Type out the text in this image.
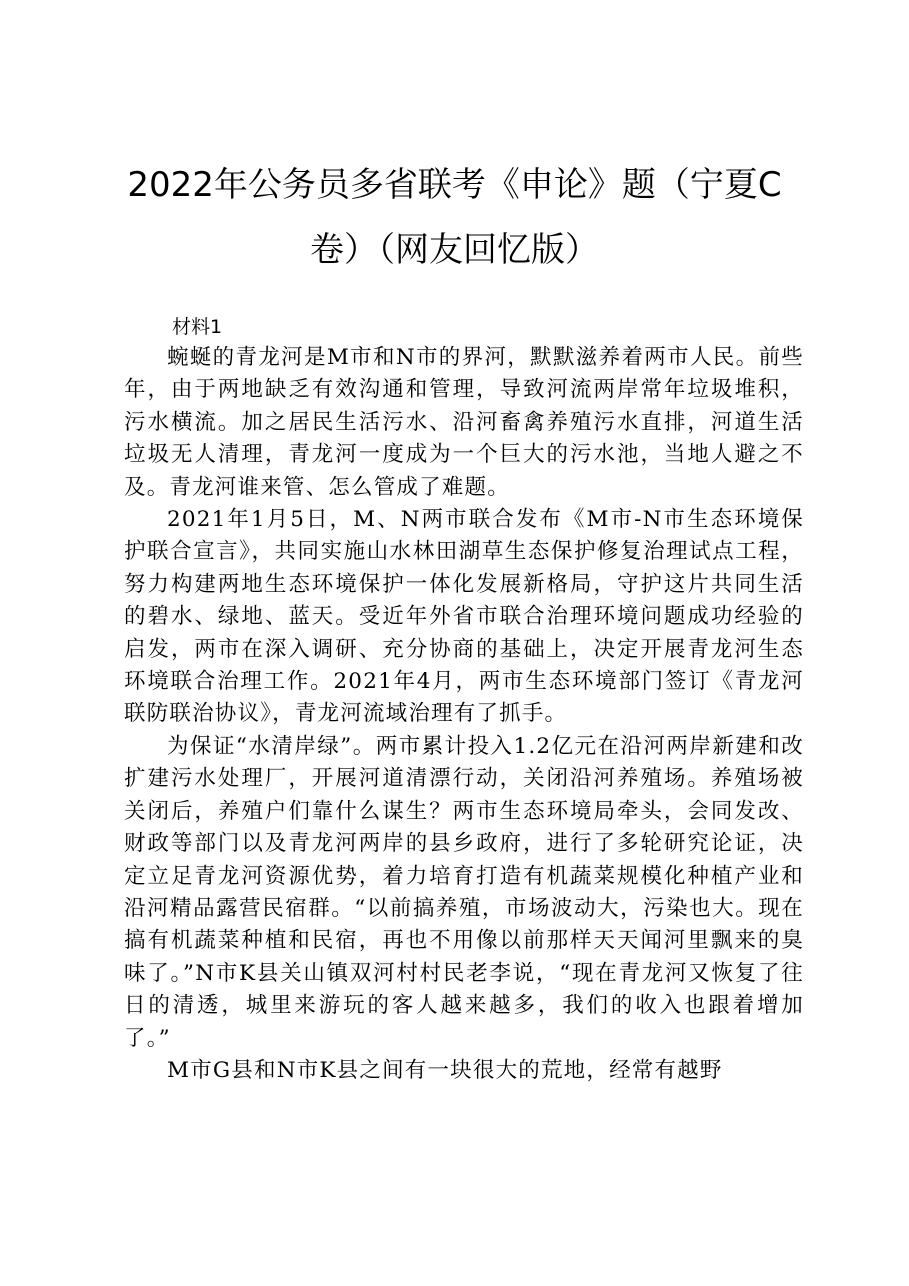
2022年公务员多省联考《申论》题（宁夏C
卷）（网友回忆版）

材料1

蜿蜒的青龙河是M市和N市的界河，默默滋养着两市人民。前些年，由于两地缺乏有效沟通和管理，导致河流两岸常年垃圾堆积，污水横流。加之居民生活污水、沿河畜禽养殖污水直排，河道生活垃圾无人清理，青龙河一度成为一个巨大的污水池，当地人避之不及。青龙河谁来管、怎么管成了难题。

2021年1月5日，M、N两市联合发布《M市-N市生态环境保护联合宣言》，共同实施山水林田湖草生态保护修复治理试点工程，努力构建两地生态环境保护一体化发展新格局，守护这片共同生活的碧水、绿地、蓝天。受近年外省市联合治理环境问题成功经验的启发，两市在深入调研、充分协商的基础上，决定开展青龙河生态环境联合治理工作。2021年4月，两市生态环境部门签订《青龙河联防联治协议》，青龙河流域治理有了抓手。

为保证“水清岸绿”。两市累计投入1.2亿元在沿河两岸新建和改扩建污水处理厂，开展河道清漂行动，关闭沿河养殖场。养殖场被关闭后，养殖户们靠什么谋生？两市生态环境局牵头，会同发改、财政等部门以及青龙河两岸的县乡政府，进行了多轮研究论证，决定立足青龙河资源优势，着力培育打造有机蔬菜规模化种植产业和沿河精品露营民宿群。“以前搞养殖，市场波动大，污染也大。现在搞有机蔬菜种植和民宿，再也不用像以前那样天天闻河里飘来的臭味了。”N市K县关山镇双河村村民老李说，“现在青龙河又恢复了往日的清透，城里来游玩的客人越来越多，我们的收入也跟着增加了。”

M市G县和N市K县之间有一块很大的荒地，经常有越野
